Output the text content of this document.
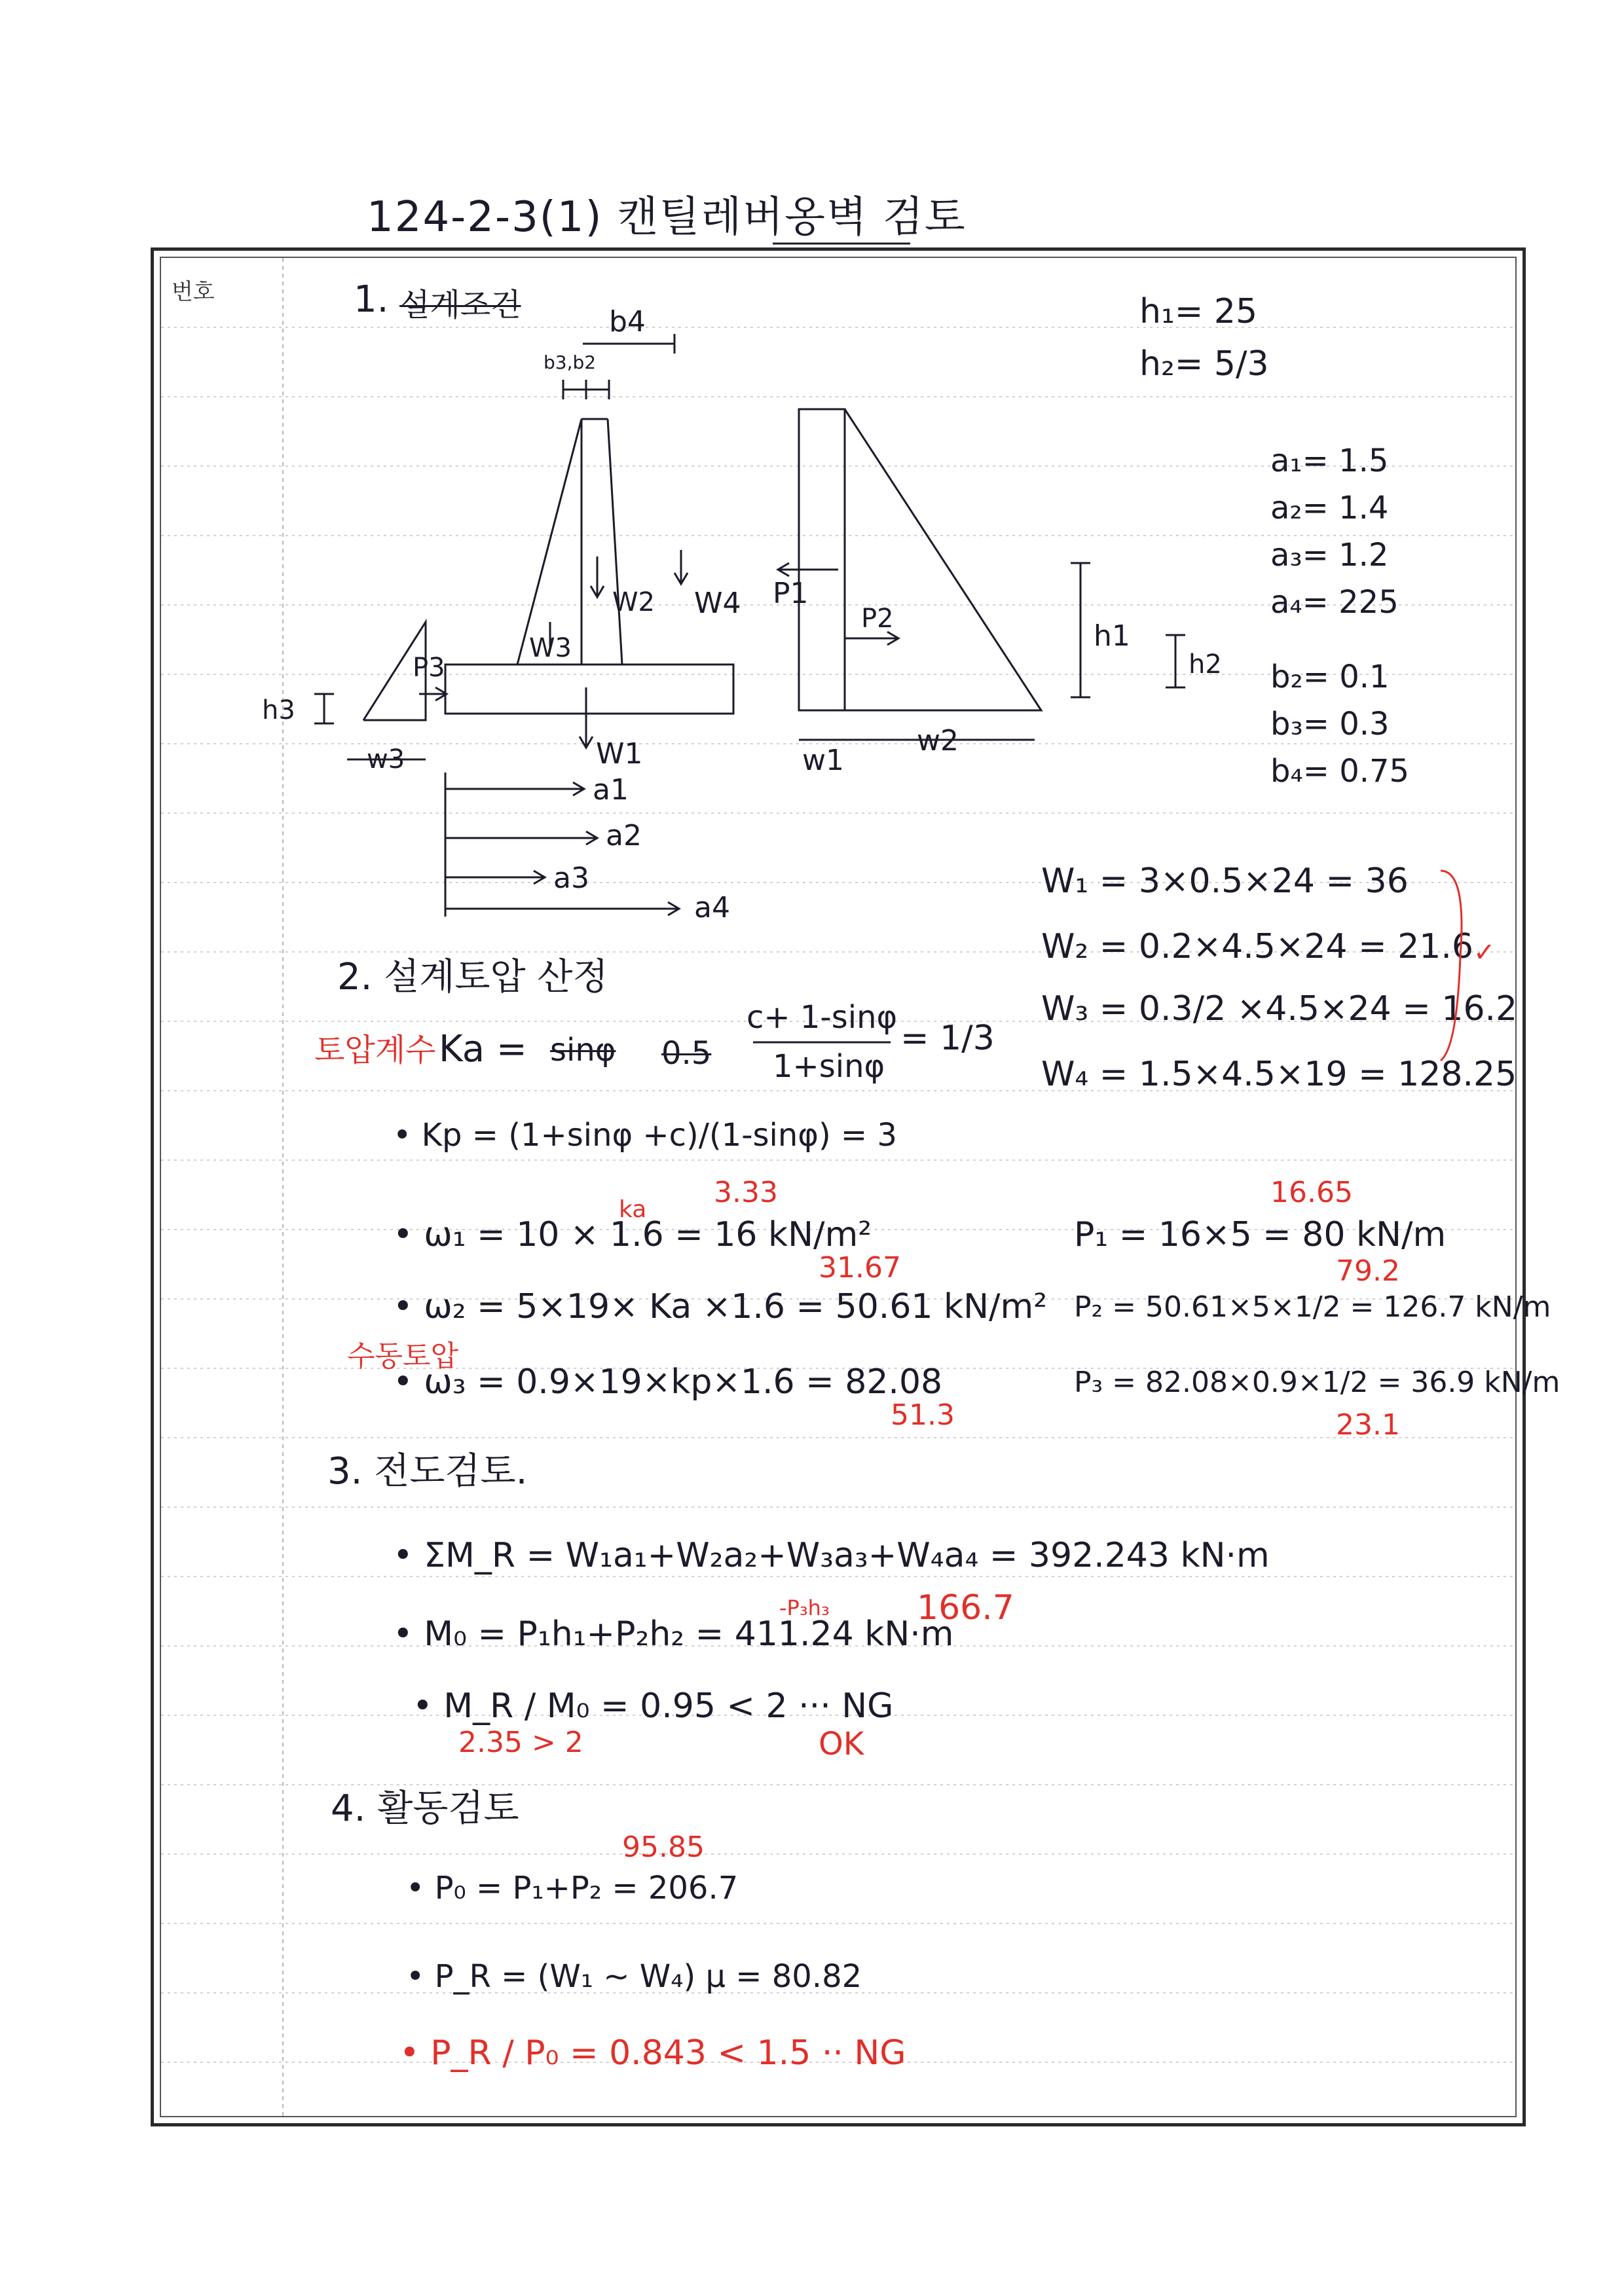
124-2-3(1) 캔틸레버옹벽 검토
번호	1. 설계조건	b4
b3,b2
W2
W3
W4
W1
P3
h3
w3
a1
a2
a3
a4
P1
P2
h1
h2
w1
w2
h₁= 25
h₂= 5/3
a₁= 1.5
a₂= 1.4
a₃= 1.2
a₄= 225
b₂= 0.1
b₃= 0.3
b₄= 0.75
W₁ = 3×0.5×24 = 36
W₂ = 0.2×4.5×24 = 21.6
W₃ = 0.3/2 ×4.5×24 = 16.2
W₄ = 1.5×4.5×19 = 128.25
✓
2. 설계토압 산정
토압계수 Ka = sinφ 0.5
c+ 1-sinφ
1+sinφ
= 1/3
• Kp = (1+sinφ +c)/(1-sinφ) = 3
• ω₁ = 10 × 1.6 = 16 kN/m²
3.33
ka
• ω₂ = 5×19× Ka ×1.6 = 50.61 kN/m²
31.67
수동토압
• ω₃ = 0.9×19×kp×1.6 = 82.08
51.3
P₁ = 16×5 = 80 kN/m
16.65
P₂ = 50.61×5×1/2 = 126.7 kN/m
79.2
P₃ = 82.08×0.9×1/2 = 36.9 kN/m
23.1
3. 전도검토.
• ΣM_R = W₁a₁+W₂a₂+W₃a₃+W₄a₄ = 392.243 kN·m
• M₀ = P₁h₁+P₂h₂ = 411.24 kN·m
166.7
-P₃h₃
• M_R / M₀ = 0.95 < 2 ··· NG
2.35 > 2	OK
4. 활동검토
• P₀ = P₁+P₂ = 206.7
95.85
• P_R = (W₁ ~ W₄) μ = 80.82
• P_R / P₀ = 0.843 < 1.5 ·· NG
